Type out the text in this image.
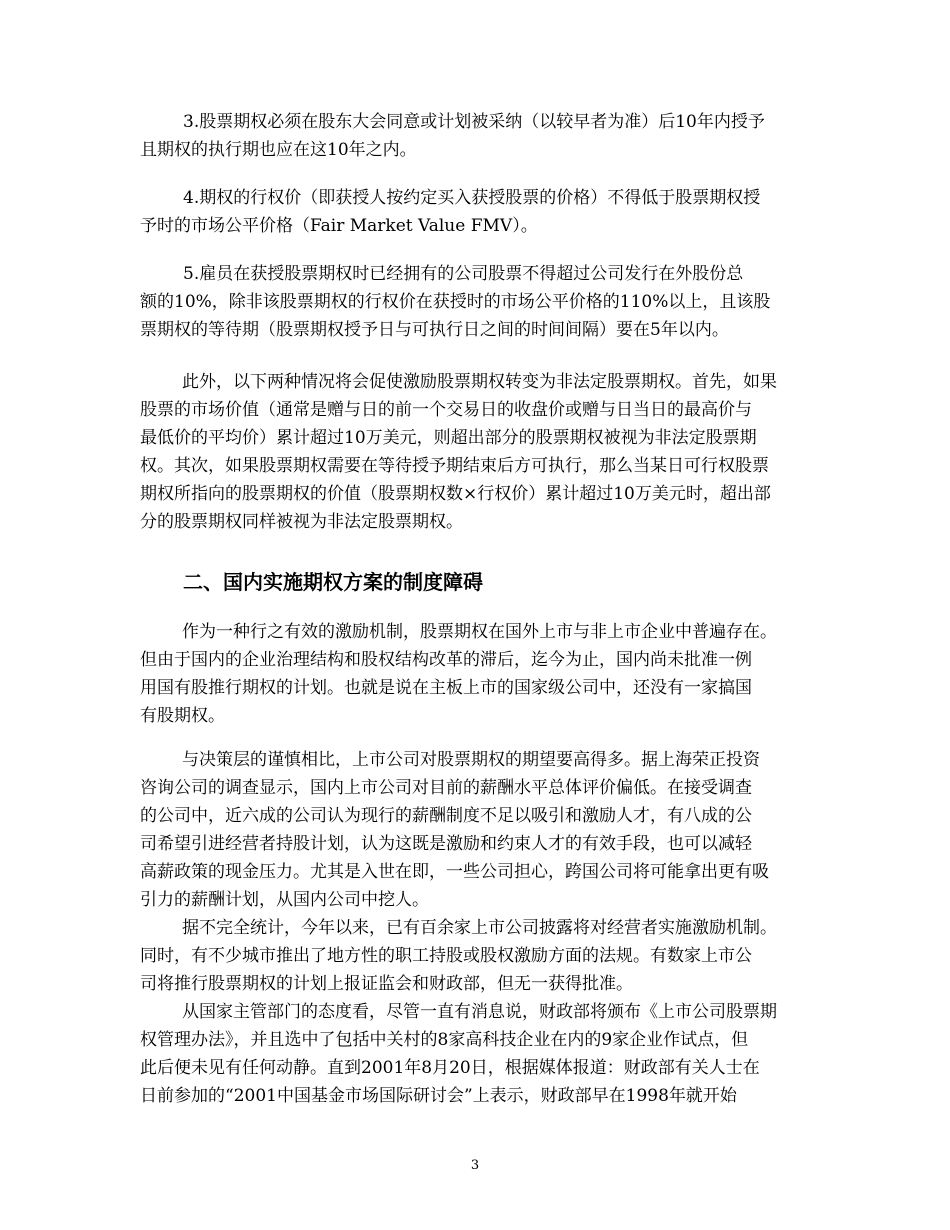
3.股票期权必须在股东大会同意或计划被采纳（以较早者为准）后10年内授予
且期权的执行期也应在这10年之内。

4.期权的行权价（即获授人按约定买入获授股票的价格）不得低于股票期权授
予时的市场公平价格（Fair Market Value FMV）。

5.雇员在获授股票期权时已经拥有的公司股票不得超过公司发行在外股份总
额的10%，除非该股票期权的行权价在获授时的市场公平价格的110%以上，且该股
票期权的等待期（股票期权授予日与可执行日之间的时间间隔）要在5年以内。

此外，以下两种情况将会促使激励股票期权转变为非法定股票期权。首先，如果
股票的市场价值（通常是赠与日的前一个交易日的收盘价或赠与日当日的最高价与
最低价的平均价）累计超过10万美元，则超出部分的股票期权被视为非法定股票期
权。其次，如果股票期权需要在等待授予期结束后方可执行，那么当某日可行权股票
期权所指向的股票期权的价值（股票期权数×行权价）累计超过10万美元时，超出部
分的股票期权同样被视为非法定股票期权。

二、国内实施期权方案的制度障碍

作为一种行之有效的激励机制，股票期权在国外上市与非上市企业中普遍存在。
但由于国内的企业治理结构和股权结构改革的滞后，迄今为止，国内尚未批准一例
用国有股推行期权的计划。也就是说在主板上市的国家级公司中，还没有一家搞国
有股期权。

与决策层的谨慎相比，上市公司对股票期权的期望要高得多。据上海荣正投资
咨询公司的调查显示，国内上市公司对目前的薪酬水平总体评价偏低。在接受调查
的公司中，近六成的公司认为现行的薪酬制度不足以吸引和激励人才，有八成的公
司希望引进经营者持股计划，认为这既是激励和约束人才的有效手段，也可以减轻
高薪政策的现金压力。尤其是入世在即，一些公司担心，跨国公司将可能拿出更有吸
引力的薪酬计划，从国内公司中挖人。

据不完全统计，今年以来，已有百余家上市公司披露将对经营者实施激励机制。
同时，有不少城市推出了地方性的职工持股或股权激励方面的法规。有数家上市公
司将推行股票期权的计划上报证监会和财政部，但无一获得批准。

从国家主管部门的态度看，尽管一直有消息说，财政部将颁布《上市公司股票期
权管理办法》，并且选中了包括中关村的8家高科技企业在内的9家企业作试点，但
此后便未见有任何动静。直到2001年8月20日，根据媒体报道：财政部有关人士在
日前参加的“2001中国基金市场国际研讨会”上表示，财政部早在1998年就开始

3
